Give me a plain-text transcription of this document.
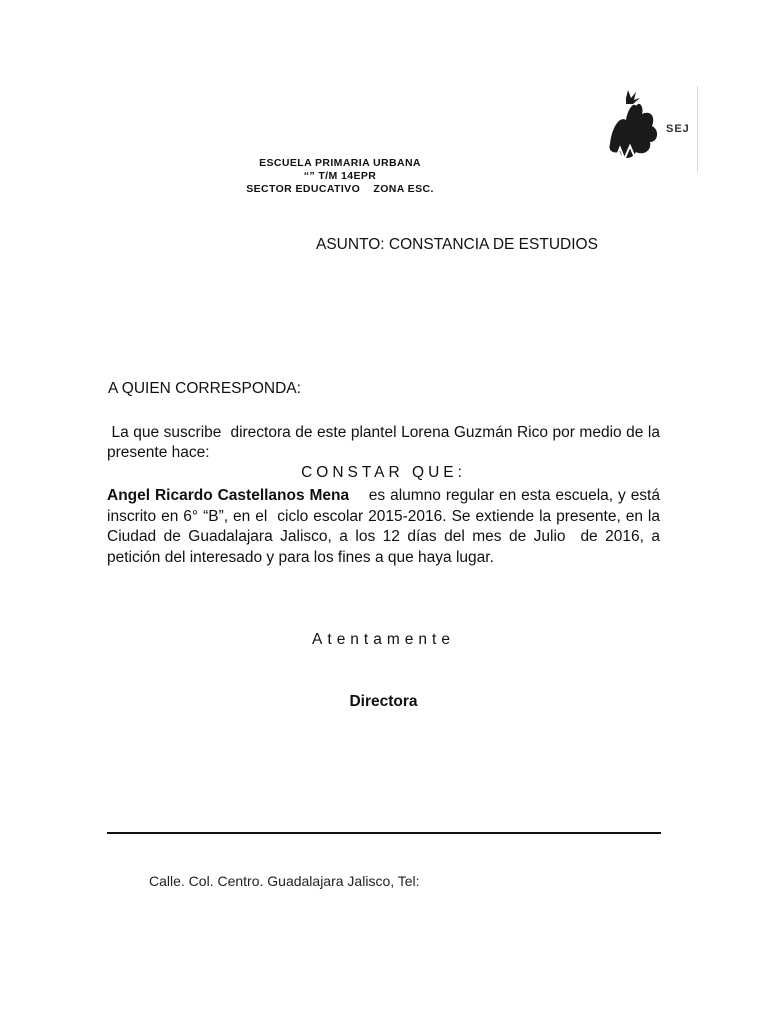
SEJ
ESCUELA PRIMARIA URBANA
“” T/M 14EPR
SECTOR EDUCATIVO    ZONA ESC.
ASUNTO: CONSTANCIA DE ESTUDIOS
A QUIEN CORRESPONDA:
La que suscribe  directora de este plantel Lorena Guzmán Rico por medio de la presente hace:
CONSTAR QUE:
Angel Ricardo Castellanos Mena    es alumno regular en esta escuela, y está inscrito en 6° “B”, en el  ciclo escolar 2015-2016. Se extiende la presente, en la Ciudad de Guadalajara Jalisco, a los 12 días del mes de Julio  de 2016, a petición del interesado y para los fines a que haya lugar.
Atentamente
Directora
Calle. Col. Centro. Guadalajara Jalisco, Tel:
